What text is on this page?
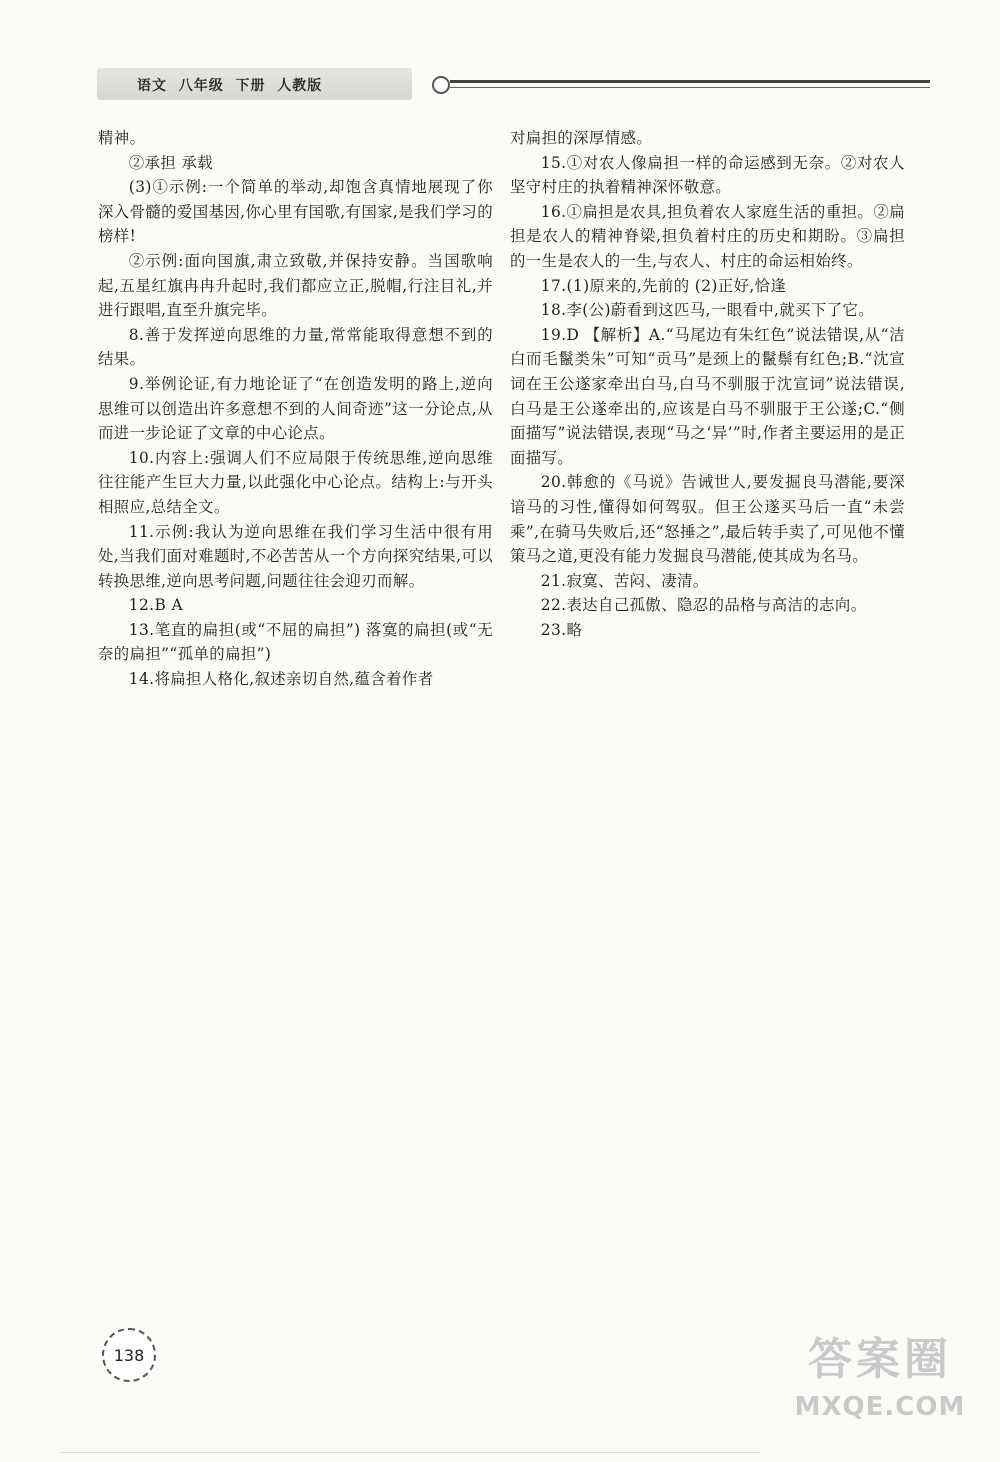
语文  八年级  下册  人教版

精神。

②承担 承载

(3)①示例:一个简单的举动,却饱含真情地展现了你深入骨髓的爱国基因,你心里有国歌,有国家,是我们学习的榜样!

②示例:面向国旗,肃立致敬,并保持安静。当国歌响起,五星红旗冉冉升起时,我们都应立正,脱帽,行注目礼,并进行跟唱,直至升旗完毕。

8.善于发挥逆向思维的力量,常常能取得意想不到的结果。

9.举例论证,有力地论证了“在创造发明的路上,逆向思维可以创造出许多意想不到的人间奇迹”这一分论点,从而进一步论证了文章的中心论点。

10.内容上:强调人们不应局限于传统思维,逆向思维往往能产生巨大力量,以此强化中心论点。结构上:与开头相照应,总结全文。

11.示例:我认为逆向思维在我们学习生活中很有用处,当我们面对难题时,不必苦苦从一个方向探究结果,可以转换思维,逆向思考问题,问题往往会迎刃而解。

12.B A

13.笔直的扁担(或“不屈的扁担”) 落寞的扁担(或“无奈的扁担”“孤单的扁担”)

14.将扁担人格化,叙述亲切自然,蕴含着作者

对扁担的深厚情感。

15.①对农人像扁担一样的命运感到无奈。②对农人坚守村庄的执着精神深怀敬意。

16.①扁担是农具,担负着农人家庭生活的重担。②扁担是农人的精神脊梁,担负着村庄的历史和期盼。③扁担的一生是农人的一生,与农人、村庄的命运相始终。

17.(1)原来的,先前的 (2)正好,恰逢

18.李(公)蔚看到这匹马,一眼看中,就买下了它。

19.D 【解析】A.“马尾边有朱红色”说法错误,从“洁白而毛鬣类朱”可知“贡马”是颈上的鬣鬃有红色;B.“沈宣词在王公遂家牵出白马,白马不驯服于沈宣词”说法错误,白马是王公遂牵出的,应该是白马不驯服于王公遂;C.“侧面描写”说法错误,表现“马之‘异’”时,作者主要运用的是正面描写。

20.韩愈的《马说》告诫世人,要发掘良马潜能,要深谙马的习性,懂得如何驾驭。但王公遂买马后一直“未尝乘”,在骑马失败后,还“怒捶之”,最后转手卖了,可见他不懂策马之道,更没有能力发掘良马潜能,使其成为名马。

21.寂寞、苦闷、凄清。

22.表达自己孤傲、隐忍的品格与高洁的志向。

23.略

138	答案圈
MXQE.COM
